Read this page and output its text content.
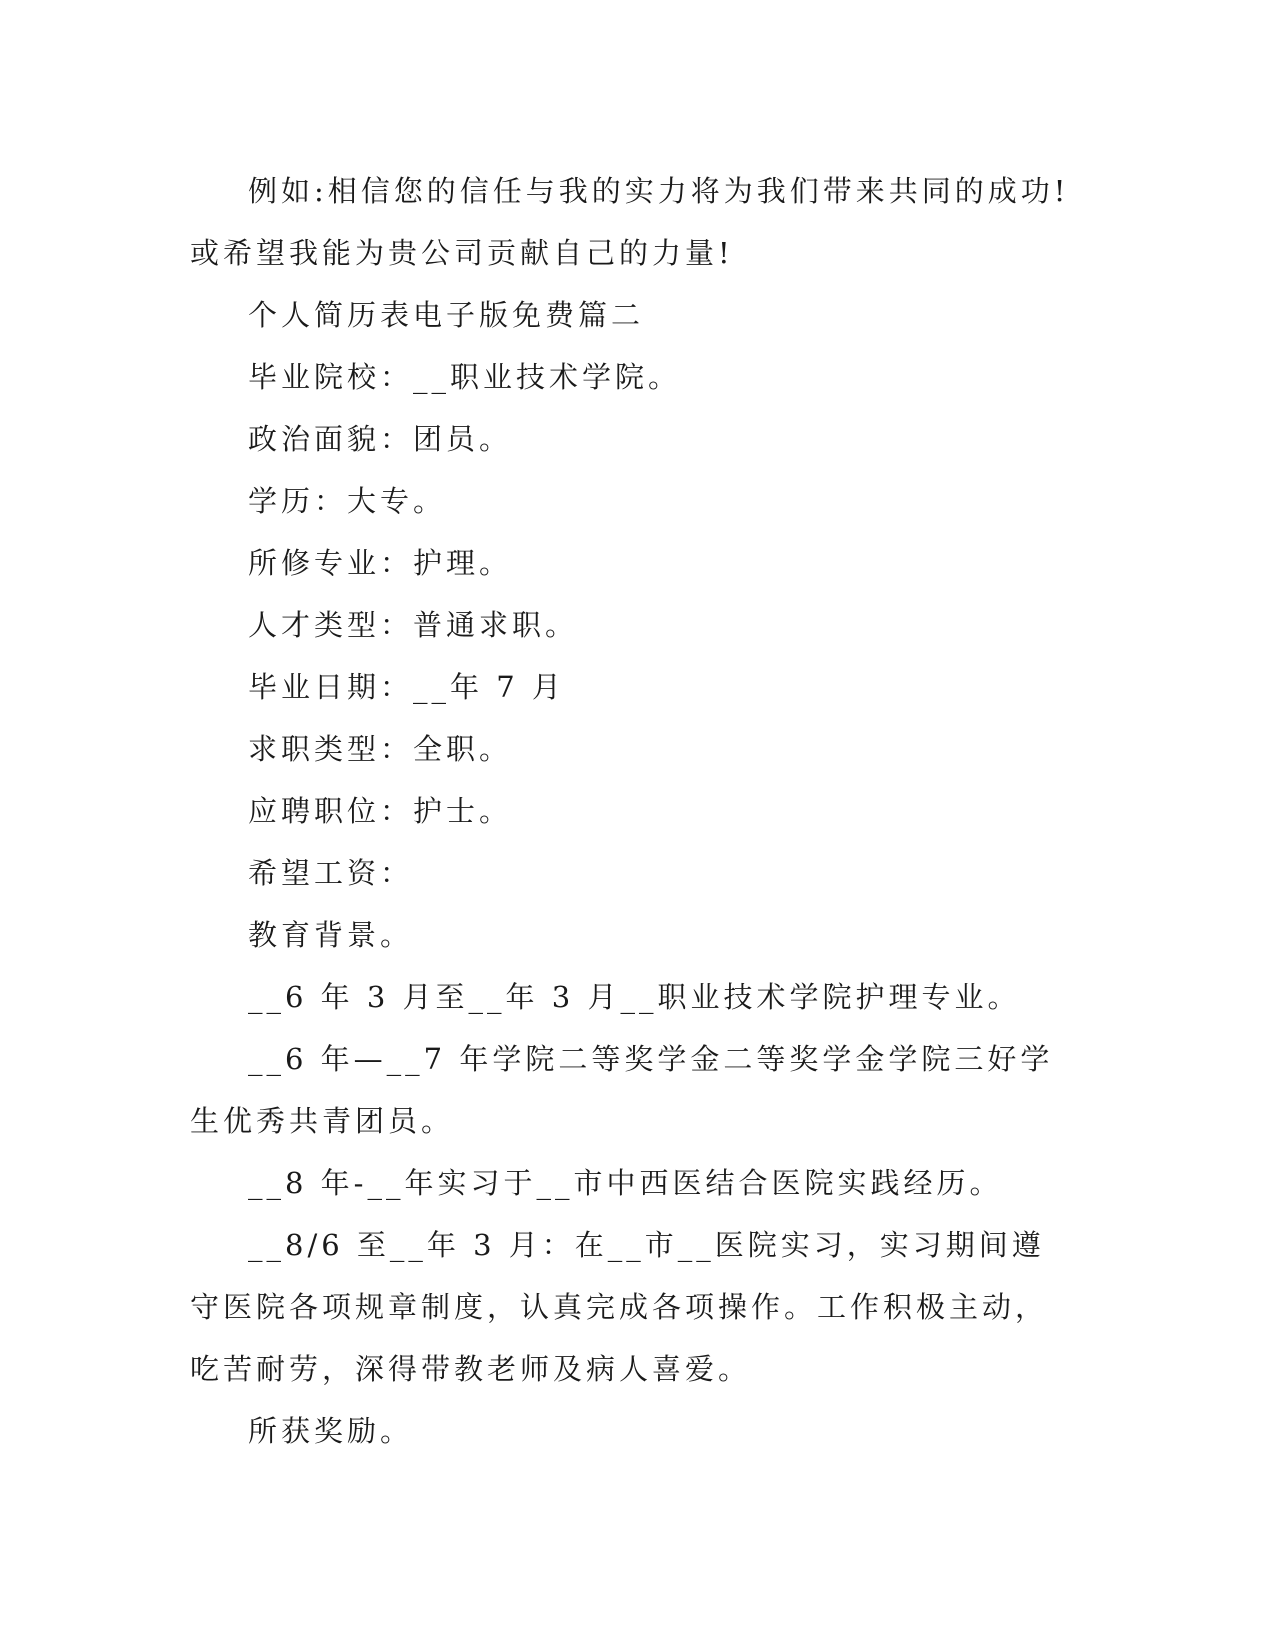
例如:相信您的信任与我的实力将为我们带来共同的成功!或希望我能为贵公司贡献自己的力量!

个人简历表电子版免费篇二

毕业院校：__职业技术学院。

政治面貌：团员。

学历：大专。

所修专业：护理。

人才类型：普通求职。

毕业日期：__年 7 月

求职类型：全职。

应聘职位：护士。

希望工资：

教育背景。

__6 年 3 月至__年 3 月__职业技术学院护理专业。

__6 年—__7 年学院二等奖学金二等奖学金学院三好学生优秀共青团员。

__8 年-__年实习于__市中西医结合医院实践经历。

__8/6 至__年 3 月：在__市__医院实习，实习期间遵守医院各项规章制度，认真完成各项操作。工作积极主动，吃苦耐劳，深得带教老师及病人喜爱。

所获奖励。
